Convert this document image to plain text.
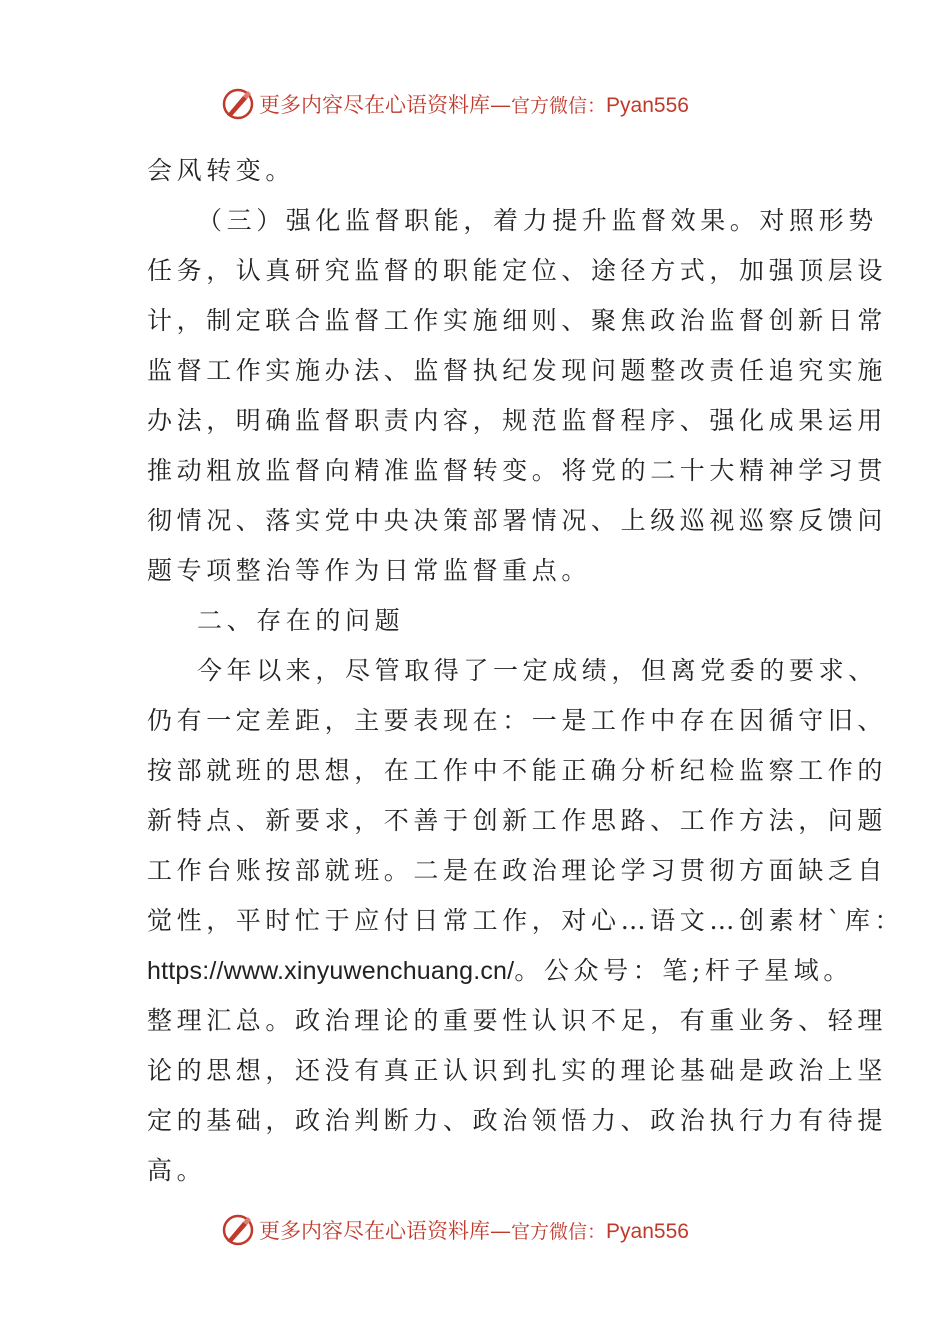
更多内容尽在心语资料库—官方微信：Pyan556
会风转变。
（三）强化监督职能，着力提升监督效果。对照形势
任务，认真研究监督的职能定位、途径方式，加强顶层设
计，制定联合监督工作实施细则、聚焦政治监督创新日常
监督工作实施办法、监督执纪发现问题整改责任追究实施
办法，明确监督职责内容，规范监督程序、强化成果运用
推动粗放监督向精准监督转变。将党的二十大精神学习贯
彻情况、落实党中央决策部署情况、上级巡视巡察反馈问
题专项整治等作为日常监督重点。
二、存在的问题
今年以来，尽管取得了一定成绩，但离党委的要求、
仍有一定差距，主要表现在：一是工作中存在因循守旧、
按部就班的思想，在工作中不能正确分析纪检监察工作的
新特点、新要求，不善于创新工作思路、工作方法，问题
工作台账按部就班。二是在政治理论学习贯彻方面缺乏自
觉性，平时忙于应付日常工作，对心…语文…创素材`库：
https://www.xinyuwenchuang.cn/。公众号：笔;杆子星域。
整理汇总。政治理论的重要性认识不足，有重业务、轻理
论的思想，还没有真正认识到扎实的理论基础是政治上坚
定的基础，政治判断力、政治领悟力、政治执行力有待提
高。
更多内容尽在心语资料库—官方微信：Pyan556
